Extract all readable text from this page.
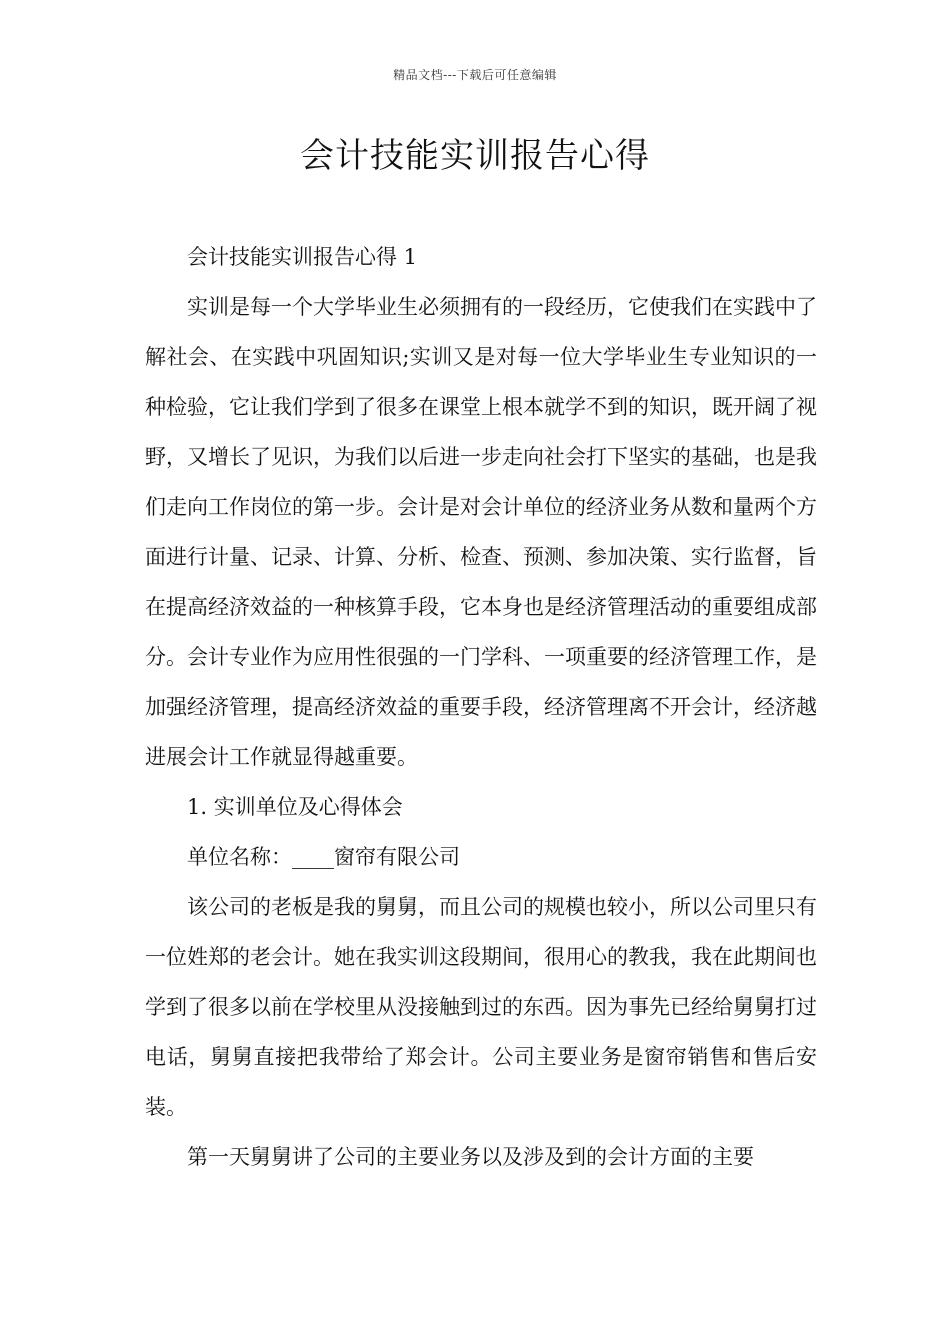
精品文档---下载后可任意编辑
会计技能实训报告心得

会计技能实训报告心得 1

实训是每一个大学毕业生必须拥有的一段经历，它使我们在实践中了解社会、在实践中巩固知识;实训又是对每一位大学毕业生专业知识的一种检验，它让我们学到了很多在课堂上根本就学不到的知识，既开阔了视野，又增长了见识，为我们以后进一步走向社会打下坚实的基础，也是我们走向工作岗位的第一步。会计是对会计单位的经济业务从数和量两个方面进行计量、记录、计算、分析、检查、预测、参加决策、实行监督，旨在提高经济效益的一种核算手段，它本身也是经济管理活动的重要组成部分。会计专业作为应用性很强的一门学科、一项重要的经济管理工作，是加强经济管理，提高经济效益的重要手段，经济管理离不开会计，经济越进展会计工作就显得越重要。

1. 实训单位及心得体会

单位名称：____窗帘有限公司

该公司的老板是我的舅舅，而且公司的规模也较小，所以公司里只有一位姓郑的老会计。她在我实训这段期间，很用心的教我，我在此期间也学到了很多以前在学校里从没接触到过的东西。因为事先已经给舅舅打过电话，舅舅直接把我带给了郑会计。公司主要业务是窗帘销售和售后安装。

第一天舅舅讲了公司的主要业务以及涉及到的会计方面的主要
